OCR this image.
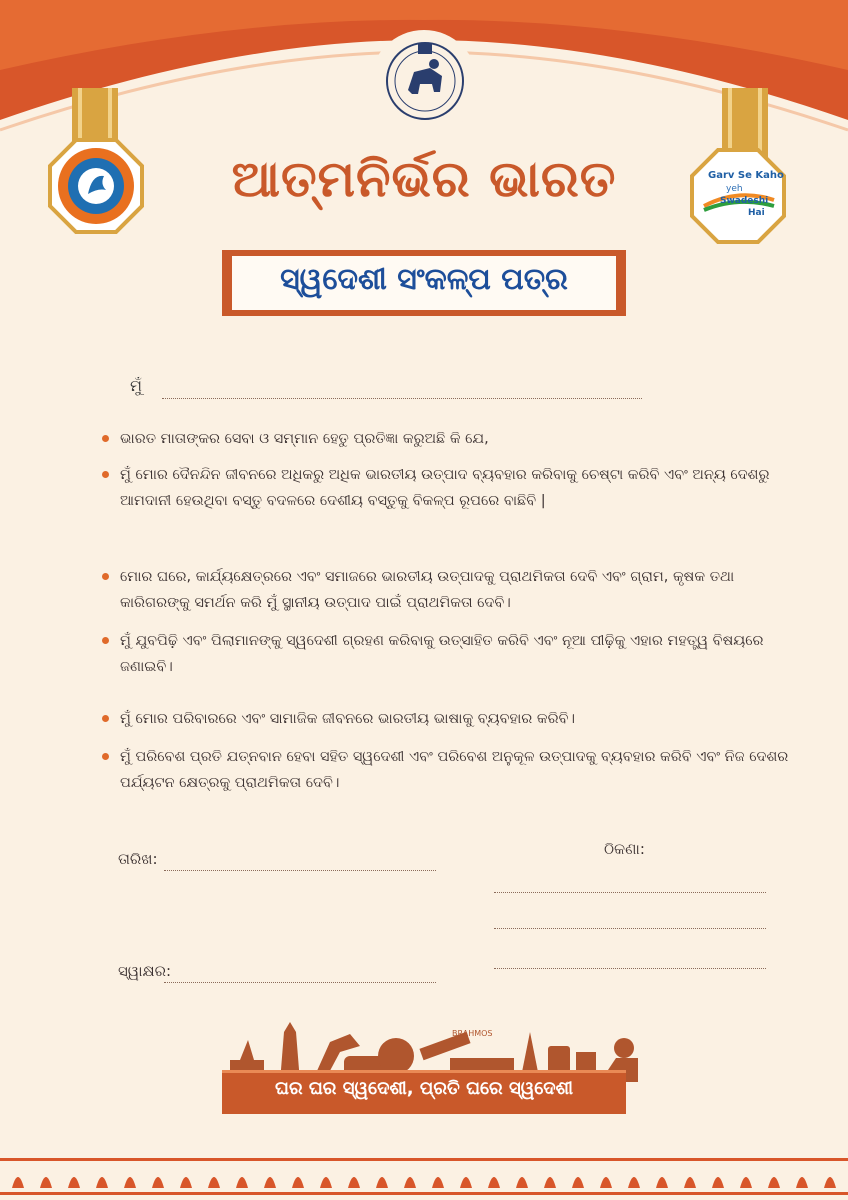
Garv Se Kaho
yeh
Swadeshi
Hai
ଆତ୍ମନିର୍ଭର ଭାରତ
ସ୍ୱଦେଶୀ ସଂକଳ୍ପ ପତ୍ର
ମୁଁ
ଭାରତ ମାତାଙ୍କର ସେବା ଓ ସମ୍ମାନ ହେତୁ ପ୍ରତିଜ୍ଞା କରୁଅଛି କି ଯେ,
ମୁଁ ମୋର ଦୈନନ୍ଦିନ ଜୀବନରେ ଅଧିକରୁ ଅଧିକ ଭାରତୀୟ ଉତ୍ପାଦ ବ୍ୟବହାର କରିବାକୁ ଚେଷ୍ଟା କରିବି ଏବଂ ଅନ୍ୟ ଦେଶରୁ ଆମଦାନୀ ହେଉଥିବା ବସ୍ତୁ ବଦଳରେ ଦେଶୀୟ ବସ୍ତୁକୁ ବିକଳ୍ପ ରୂପରେ ବାଛିବି |
ମୋର ଘରେ, କାର୍ଯ୍ୟକ୍ଷେତ୍ରରେ ଏବଂ ସମାଜରେ ଭାରତୀୟ ଉତ୍ପାଦକୁ ପ୍ରାଥମିକତା ଦେବି ଏବଂ ଗ୍ରାମ, କୃଷକ ତଥା କାରିଗରଙ୍କୁ ସମର୍ଥନ କରି ମୁଁ ସ୍ଥାନୀୟ ଉତ୍ପାଦ ପାଇଁ ପ୍ରାଥମିକତା ଦେବି।
ମୁଁ ଯୁବପିଢ଼ି ଏବଂ ପିଲାମାନଙ୍କୁ ସ୍ୱଦେଶୀ ଗ୍ରହଣ କରିବାକୁ ଉତ୍ସାହିତ କରିବି ଏବଂ ନୂଆ ପୀଢ଼ିକୁ ଏହାର ମହତ୍ତ୍ୱ ବିଷୟରେ ଜଣାଇବି।
ମୁଁ ମୋର ପରିବାରରେ ଏବଂ ସାମାଜିକ ଜୀବନରେ ଭାରତୀୟ ଭାଷାକୁ ବ୍ୟବହାର କରିବି।
ମୁଁ ପରିବେଶ ପ୍ରତି ଯତ୍ନବାନ ହେବା ସହିତ ସ୍ୱଦେଶୀ ଏବଂ ପରିବେଶ ଅନୁକୂଳ ଉତ୍ପାଦକୁ ବ୍ୟବହାର କରିବି ଏବଂ ନିଜ ଦେଶର ପର୍ଯ୍ୟଟନ କ୍ଷେତ୍ରକୁ ପ୍ରାଥମିକତା ଦେବି।
ତାରିଖ:
ସ୍ୱାକ୍ଷର:
ଠିକଣା:
BRAHMOS
ଘର ଘର ସ୍ୱଦେଶୀ, ପ୍ରତି ଘରେ ସ୍ୱଦେଶୀ
